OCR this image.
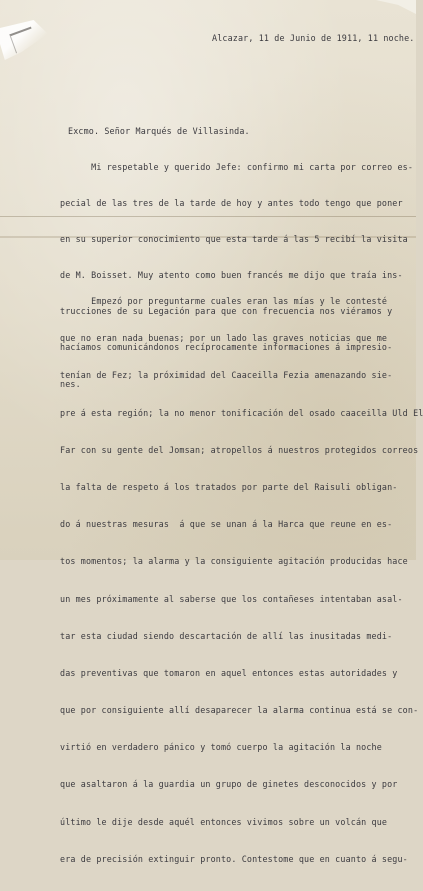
Alcazar, 11 de Junio de 1911, 11 noche.
Excmo. Señor Marqués de Villasinda.

Mi respetable y querido Jefe: confirmo mi carta por correo es-

pecial de las tres de la tarde de hoy y antes todo tengo que poner

en su superior conocimiento que esta tarde á las 5 recibí la visita

de M. Boisset. Muy atento como buen francés me dijo que traía ins-

trucciones de su Legación para que con frecuencia nos viéramos y

hacíamos comunicándonos recíprocamente informaciones á impresio-

nes.

Empezó por preguntarme cuales eran las mías y le contesté

que no eran nada buenas; por un lado las graves noticias que me

tenían de Fez; la próximidad del Caaceilla Fezia amenazando sie-

pre á esta región; la no menor tonificación del osado caaceilla Uld El

Far con su gente del Jomsan; atropellos á nuestros protegidos correos

la falta de respeto á los tratados por parte del Raisuli obligan-

do á nuestras mesuras  á que se unan á la Harca que reune en es-

tos momentos; la alarma y la consiguiente agitación producidas hace

un mes próximamente al saberse que los contañeses intentaban asal-

tar esta ciudad siendo descartación de allí las inusitadas medi-

das preventivas que tomaron en aquel entonces estas autoridades y

que por consiguiente allí desaparecer la alarma continua está se con-

virtió en verdadero pánico y tomó cuerpo la agitación la noche

que asaltaron á la guardia un grupo de ginetes desconocidos y por

último le dije desde aquél entonces vivimos sobre un volcán que

era de precisión extinguir pronto. Contestome que en cuanto á segu-
